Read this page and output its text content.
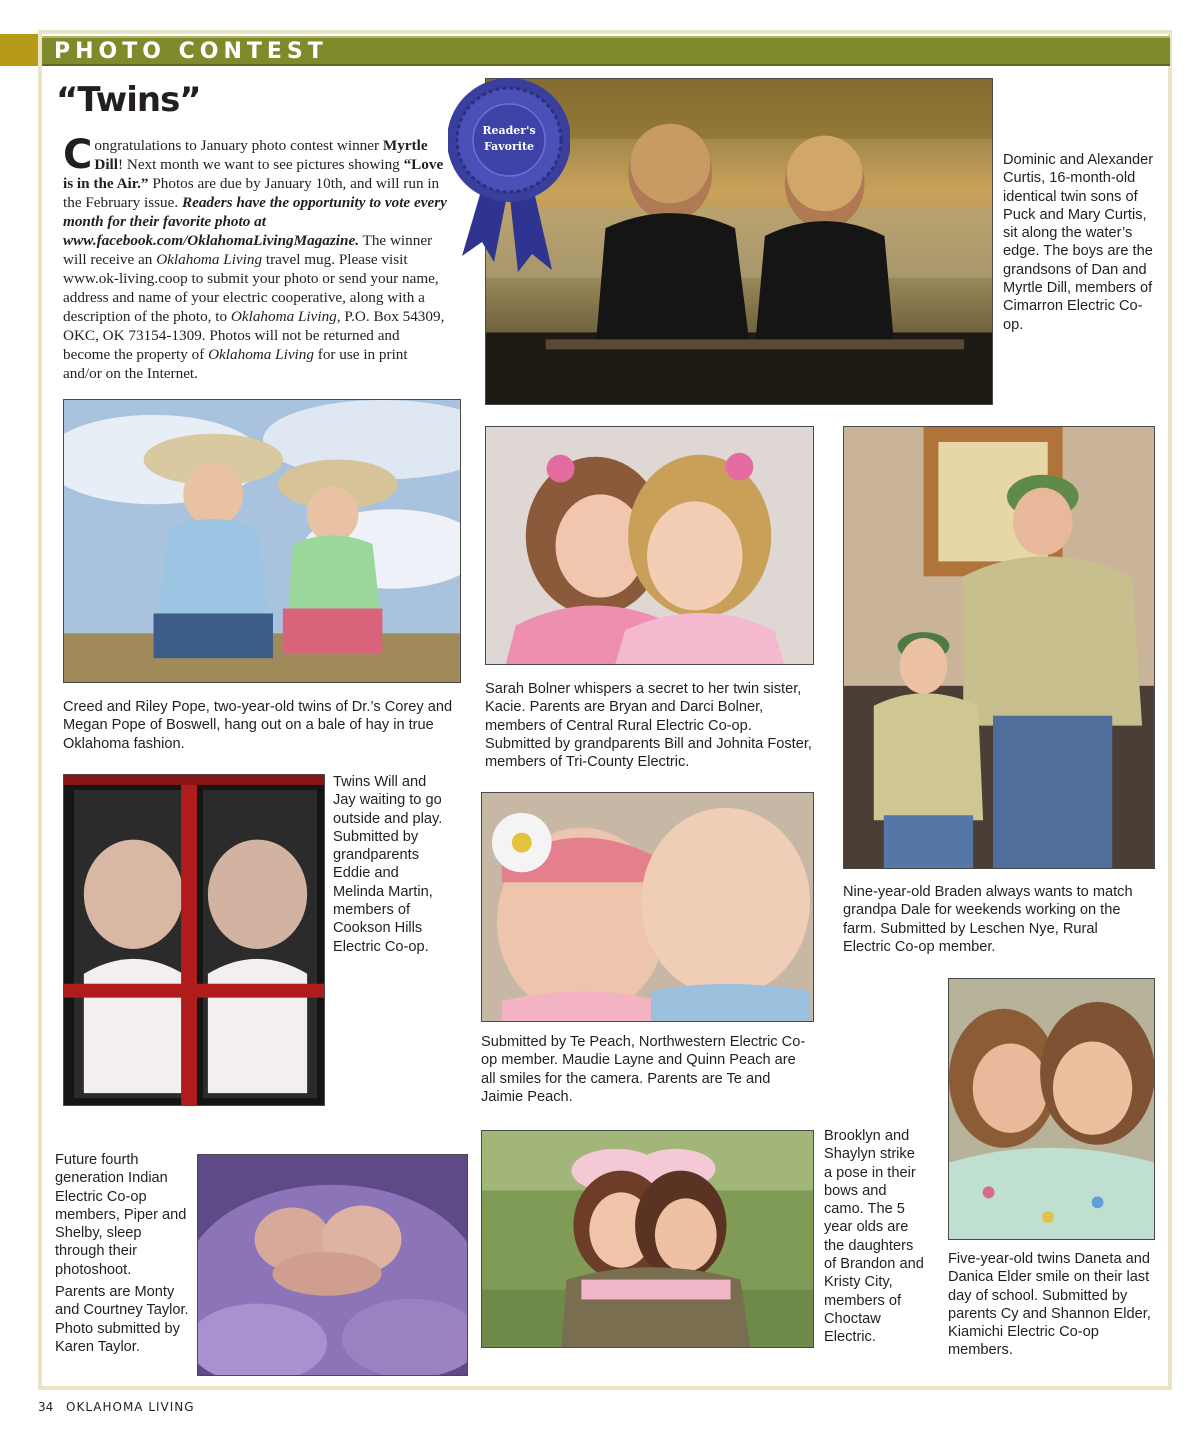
PHOTO CONTEST
“Twins”

Congratulations to January photo contest winner Myrtle Dill! Next month we want to see pictures showing “Love is in the Air.” Photos are due by January 10th, and will run in the February issue. Readers have the opportunity to vote every month for their favorite photo at www.facebook.com/OklahomaLivingMagazine. The winner will receive an Oklahoma Living travel mug. Please visit www.ok-living.coop to submit your photo or send your name, address and name of your electric cooperative, along with a description of the photo, to Oklahoma Living, P.O. Box 54309, OKC, OK 73154-1309. Photos will not be returned and become the property of Oklahoma Living for use in print and/or on the Internet.

Reader's
Favorite

Dominic and Alexander Curtis, 16-month-old identical twin sons of Puck and Mary Curtis, sit along the water’s edge. The boys are the grandsons of Dan and Myrtle Dill, members of Cimarron Electric Co-op.

Creed and Riley Pope, two-year-old twins of Dr.’s Corey and Megan Pope of Boswell, hang out on a bale of hay in true Oklahoma fashion.

Sarah Bolner whispers a secret to her twin sister, Kacie. Parents are Bryan and Darci Bolner, members of Central Rural Electric Co-op. Submitted by grandparents Bill and Johnita Foster, members of Tri-County Electric.

Nine-year-old Braden always wants to match grandpa Dale for weekends working on the farm. Submitted by Leschen Nye, Rural Electric Co-op member.

Twins Will and Jay waiting to go outside and play. Submitted by grandparents Eddie and Melinda Martin, members of Cookson Hills Electric Co-op.

Submitted by Te Peach, Northwestern Electric Co-op member. Maudie Layne and Quinn Peach are all smiles for the camera. Parents are Te and Jaimie Peach.

Five-year-old twins Daneta and Danica Elder smile on their last day of school. Submitted by parents Cy and Shannon Elder, Kiamichi Electric Co-op members.

Future fourth generation Indian Electric Co-op members, Piper and Shelby, sleep through their photoshoot.

Parents are Monty and Courtney Taylor. Photo submitted by Karen Taylor.

Brooklyn and Shaylyn strike a pose in their bows and camo. The 5 year olds are the daughters of Brandon and Kristy City, members of Choctaw Electric.

34 OKLAHOMA LIVING
